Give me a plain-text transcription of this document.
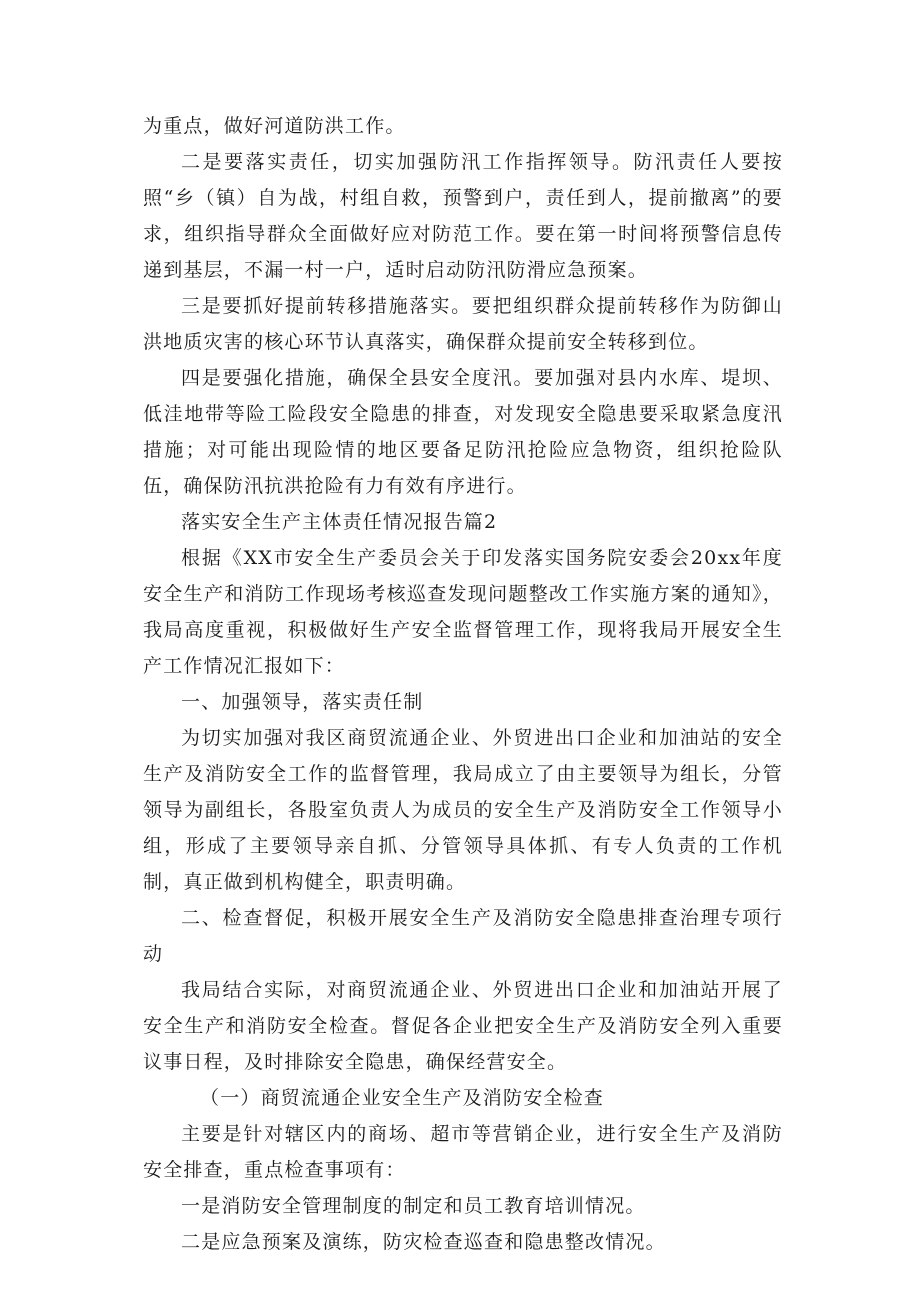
为重点，做好河道防洪工作。

二是要落实责任，切实加强防汛工作指挥领导。防汛责任人要按照“乡（镇）自为战，村组自救，预警到户，责任到人，提前撤离”的要求，组织指导群众全面做好应对防范工作。要在第一时间将预警信息传递到基层，不漏一村一户，适时启动防汛防滑应急预案。

三是要抓好提前转移措施落实。要把组织群众提前转移作为防御山洪地质灾害的核心环节认真落实，确保群众提前安全转移到位。

四是要强化措施，确保全县安全度汛。要加强对县内水库、堤坝、低洼地带等险工险段安全隐患的排查，对发现安全隐患要采取紧急度汛措施；对可能出现险情的地区要备足防汛抢险应急物资，组织抢险队伍，确保防汛抗洪抢险有力有效有序进行。

落实安全生产主体责任情况报告篇2

根据《XX市安全生产委员会关于印发落实国务院安委会20xx年度安全生产和消防工作现场考核巡查发现问题整改工作实施方案的通知》，我局高度重视，积极做好生产安全监督管理工作，现将我局开展安全生产工作情况汇报如下：

一、加强领导，落实责任制

为切实加强对我区商贸流通企业、外贸进出口企业和加油站的安全生产及消防安全工作的监督管理，我局成立了由主要领导为组长，分管领导为副组长，各股室负责人为成员的安全生产及消防安全工作领导小组，形成了主要领导亲自抓、分管领导具体抓、有专人负责的工作机制，真正做到机构健全，职责明确。

二、检查督促，积极开展安全生产及消防安全隐患排查治理专项行动

我局结合实际，对商贸流通企业、外贸进出口企业和加油站开展了安全生产和消防安全检查。督促各企业把安全生产及消防安全列入重要议事日程，及时排除安全隐患，确保经营安全。

（一）商贸流通企业安全生产及消防安全检查

主要是针对辖区内的商场、超市等营销企业，进行安全生产及消防安全排查，重点检查事项有：

一是消防安全管理制度的制定和员工教育培训情况。

二是应急预案及演练，防灾检查巡查和隐患整改情况。
